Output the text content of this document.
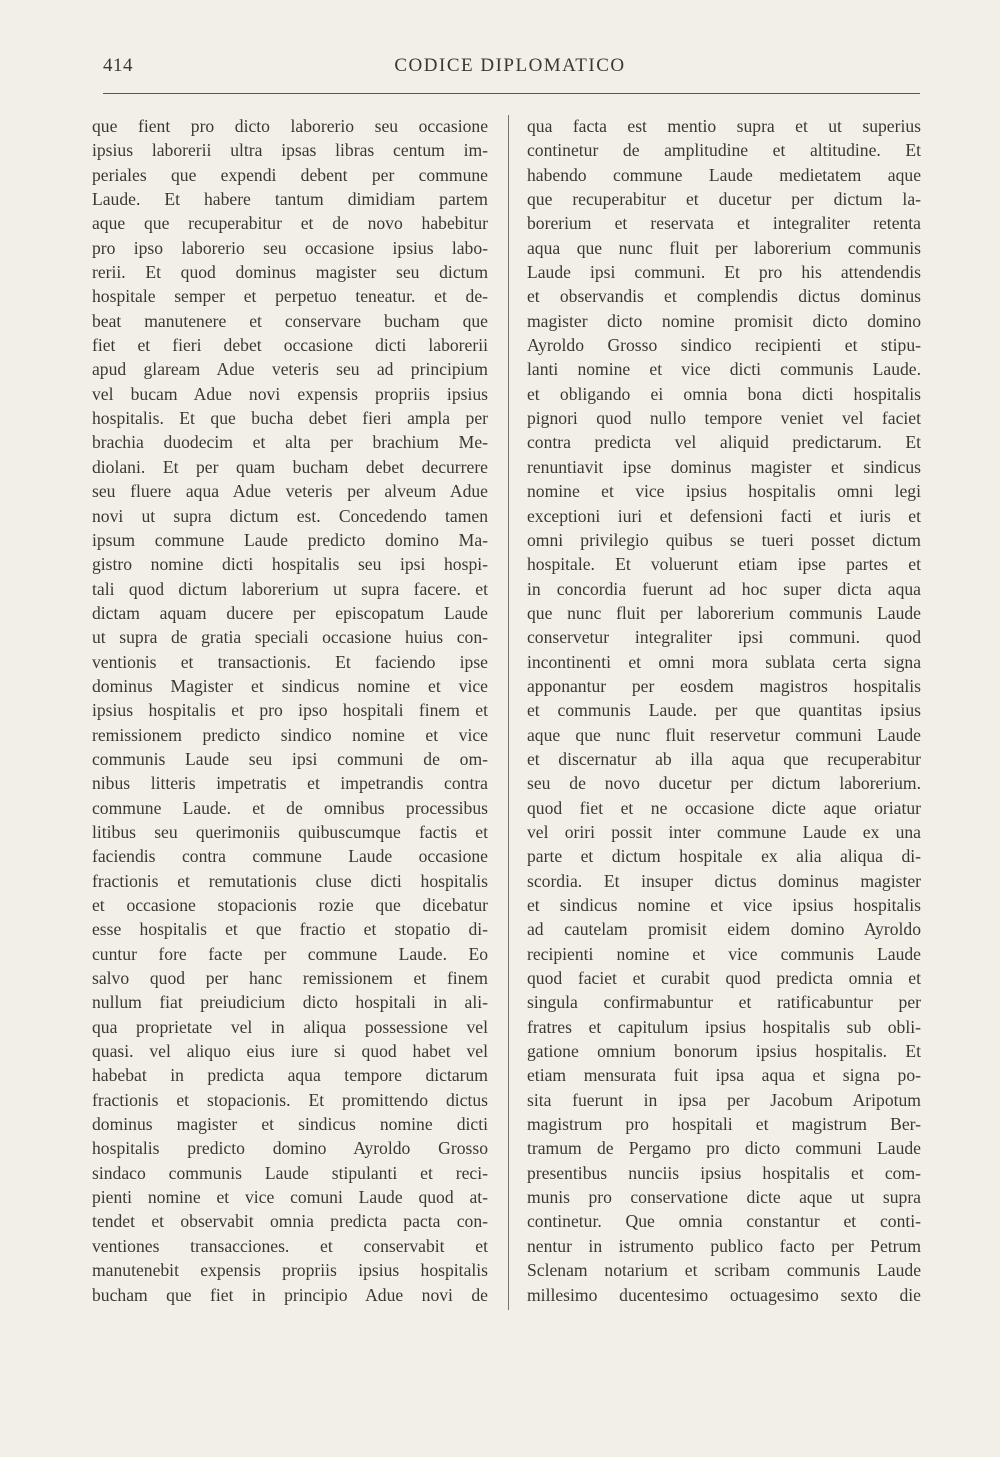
414	CODICE DIPLOMATICO
que fient pro dicto laborerio seu occasione
ipsius laborerii ultra ipsas libras centum im-
periales que expendi debent per commune
Laude. Et habere tantum dimidiam partem
aque que recuperabitur et de novo habebitur
pro ipso laborerio seu occasione ipsius labo-
rerii. Et quod dominus magister seu dictum
hospitale semper et perpetuo teneatur. et de-
beat manutenere et conservare bucham que
fiet et fieri debet occasione dicti laborerii
apud glaream Adue veteris seu ad principium
vel bucam Adue novi expensis propriis ipsius
hospitalis. Et que bucha debet fieri ampla per
brachia duodecim et alta per brachium Me-
diolani. Et per quam bucham debet decurrere
seu fluere aqua Adue veteris per alveum Adue
novi ut supra dictum est. Concedendo tamen
ipsum commune Laude predicto domino Ma-
gistro nomine dicti hospitalis seu ipsi hospi-
tali quod dictum laborerium ut supra facere. et
dictam aquam ducere per episcopatum Laude
ut supra de gratia speciali occasione huius con-
ventionis et transactionis. Et faciendo ipse
dominus Magister et sindicus nomine et vice
ipsius hospitalis et pro ipso hospitali finem et
remissionem predicto sindico nomine et vice
communis Laude seu ipsi communi de om-
nibus litteris impetratis et impetrandis contra
commune Laude. et de omnibus processibus
litibus seu querimoniis quibuscumque factis et
faciendis contra commune Laude occasione
fractionis et remutationis cluse dicti hospitalis
et occasione stopacionis rozie que dicebatur
esse hospitalis et que fractio et stopatio di-
cuntur fore facte per commune Laude. Eo
salvo quod per hanc remissionem et finem
nullum fiat preiudicium dicto hospitali in ali-
qua proprietate vel in aliqua possessione vel
quasi. vel aliquo eius iure si quod habet vel
habebat in predicta aqua tempore dictarum
fractionis et stopacionis. Et promittendo dictus
dominus magister et sindicus nomine dicti
hospitalis predicto domino Ayroldo Grosso
sindaco communis Laude stipulanti et reci-
pienti nomine et vice comuni Laude quod at-
tendet et observabit omnia predicta pacta con-
ventiones transacciones. et conservabit et
manutenebit expensis propriis ipsius hospitalis
bucham que fiet in principio Adue novi de
qua facta est mentio supra et ut superius
continetur de amplitudine et altitudine. Et
habendo commune Laude medietatem aque
que recuperabitur et ducetur per dictum la-
borerium et reservata et integraliter retenta
aqua que nunc fluit per laborerium communis
Laude ipsi communi. Et pro his attendendis
et observandis et complendis dictus dominus
magister dicto nomine promisit dicto domino
Ayroldo Grosso sindico recipienti et stipu-
lanti nomine et vice dicti communis Laude.
et obligando ei omnia bona dicti hospitalis
pignori quod nullo tempore veniet vel faciet
contra predicta vel aliquid predictarum. Et
renuntiavit ipse dominus magister et sindicus
nomine et vice ipsius hospitalis omni legi
exceptioni iuri et defensioni facti et iuris et
omni privilegio quibus se tueri posset dictum
hospitale. Et voluerunt etiam ipse partes et
in concordia fuerunt ad hoc super dicta aqua
que nunc fluit per laborerium communis Laude
conservetur integraliter ipsi communi. quod
incontinenti et omni mora sublata certa signa
apponantur per eosdem magistros hospitalis
et communis Laude. per que quantitas ipsius
aque que nunc fluit reservetur communi Laude
et discernatur ab illa aqua que recuperabitur
seu de novo ducetur per dictum laborerium.
quod fiet et ne occasione dicte aque oriatur
vel oriri possit inter commune Laude ex una
parte et dictum hospitale ex alia aliqua di-
scordia. Et insuper dictus dominus magister
et sindicus nomine et vice ipsius hospitalis
ad cautelam promisit eidem domino Ayroldo
recipienti nomine et vice communis Laude
quod faciet et curabit quod predicta omnia et
singula confirmabuntur et ratificabuntur per
fratres et capitulum ipsius hospitalis sub obli-
gatione omnium bonorum ipsius hospitalis. Et
etiam mensurata fuit ipsa aqua et signa po-
sita fuerunt in ipsa per Jacobum Aripotum
magistrum pro hospitali et magistrum Ber-
tramum de Pergamo pro dicto communi Laude
presentibus nunciis ipsius hospitalis et com-
munis pro conservatione dicte aque ut supra
continetur. Que omnia constantur et conti-
nentur in istrumento publico facto per Petrum
Sclenam notarium et scribam communis Laude
millesimo ducentesimo octuagesimo sexto die
